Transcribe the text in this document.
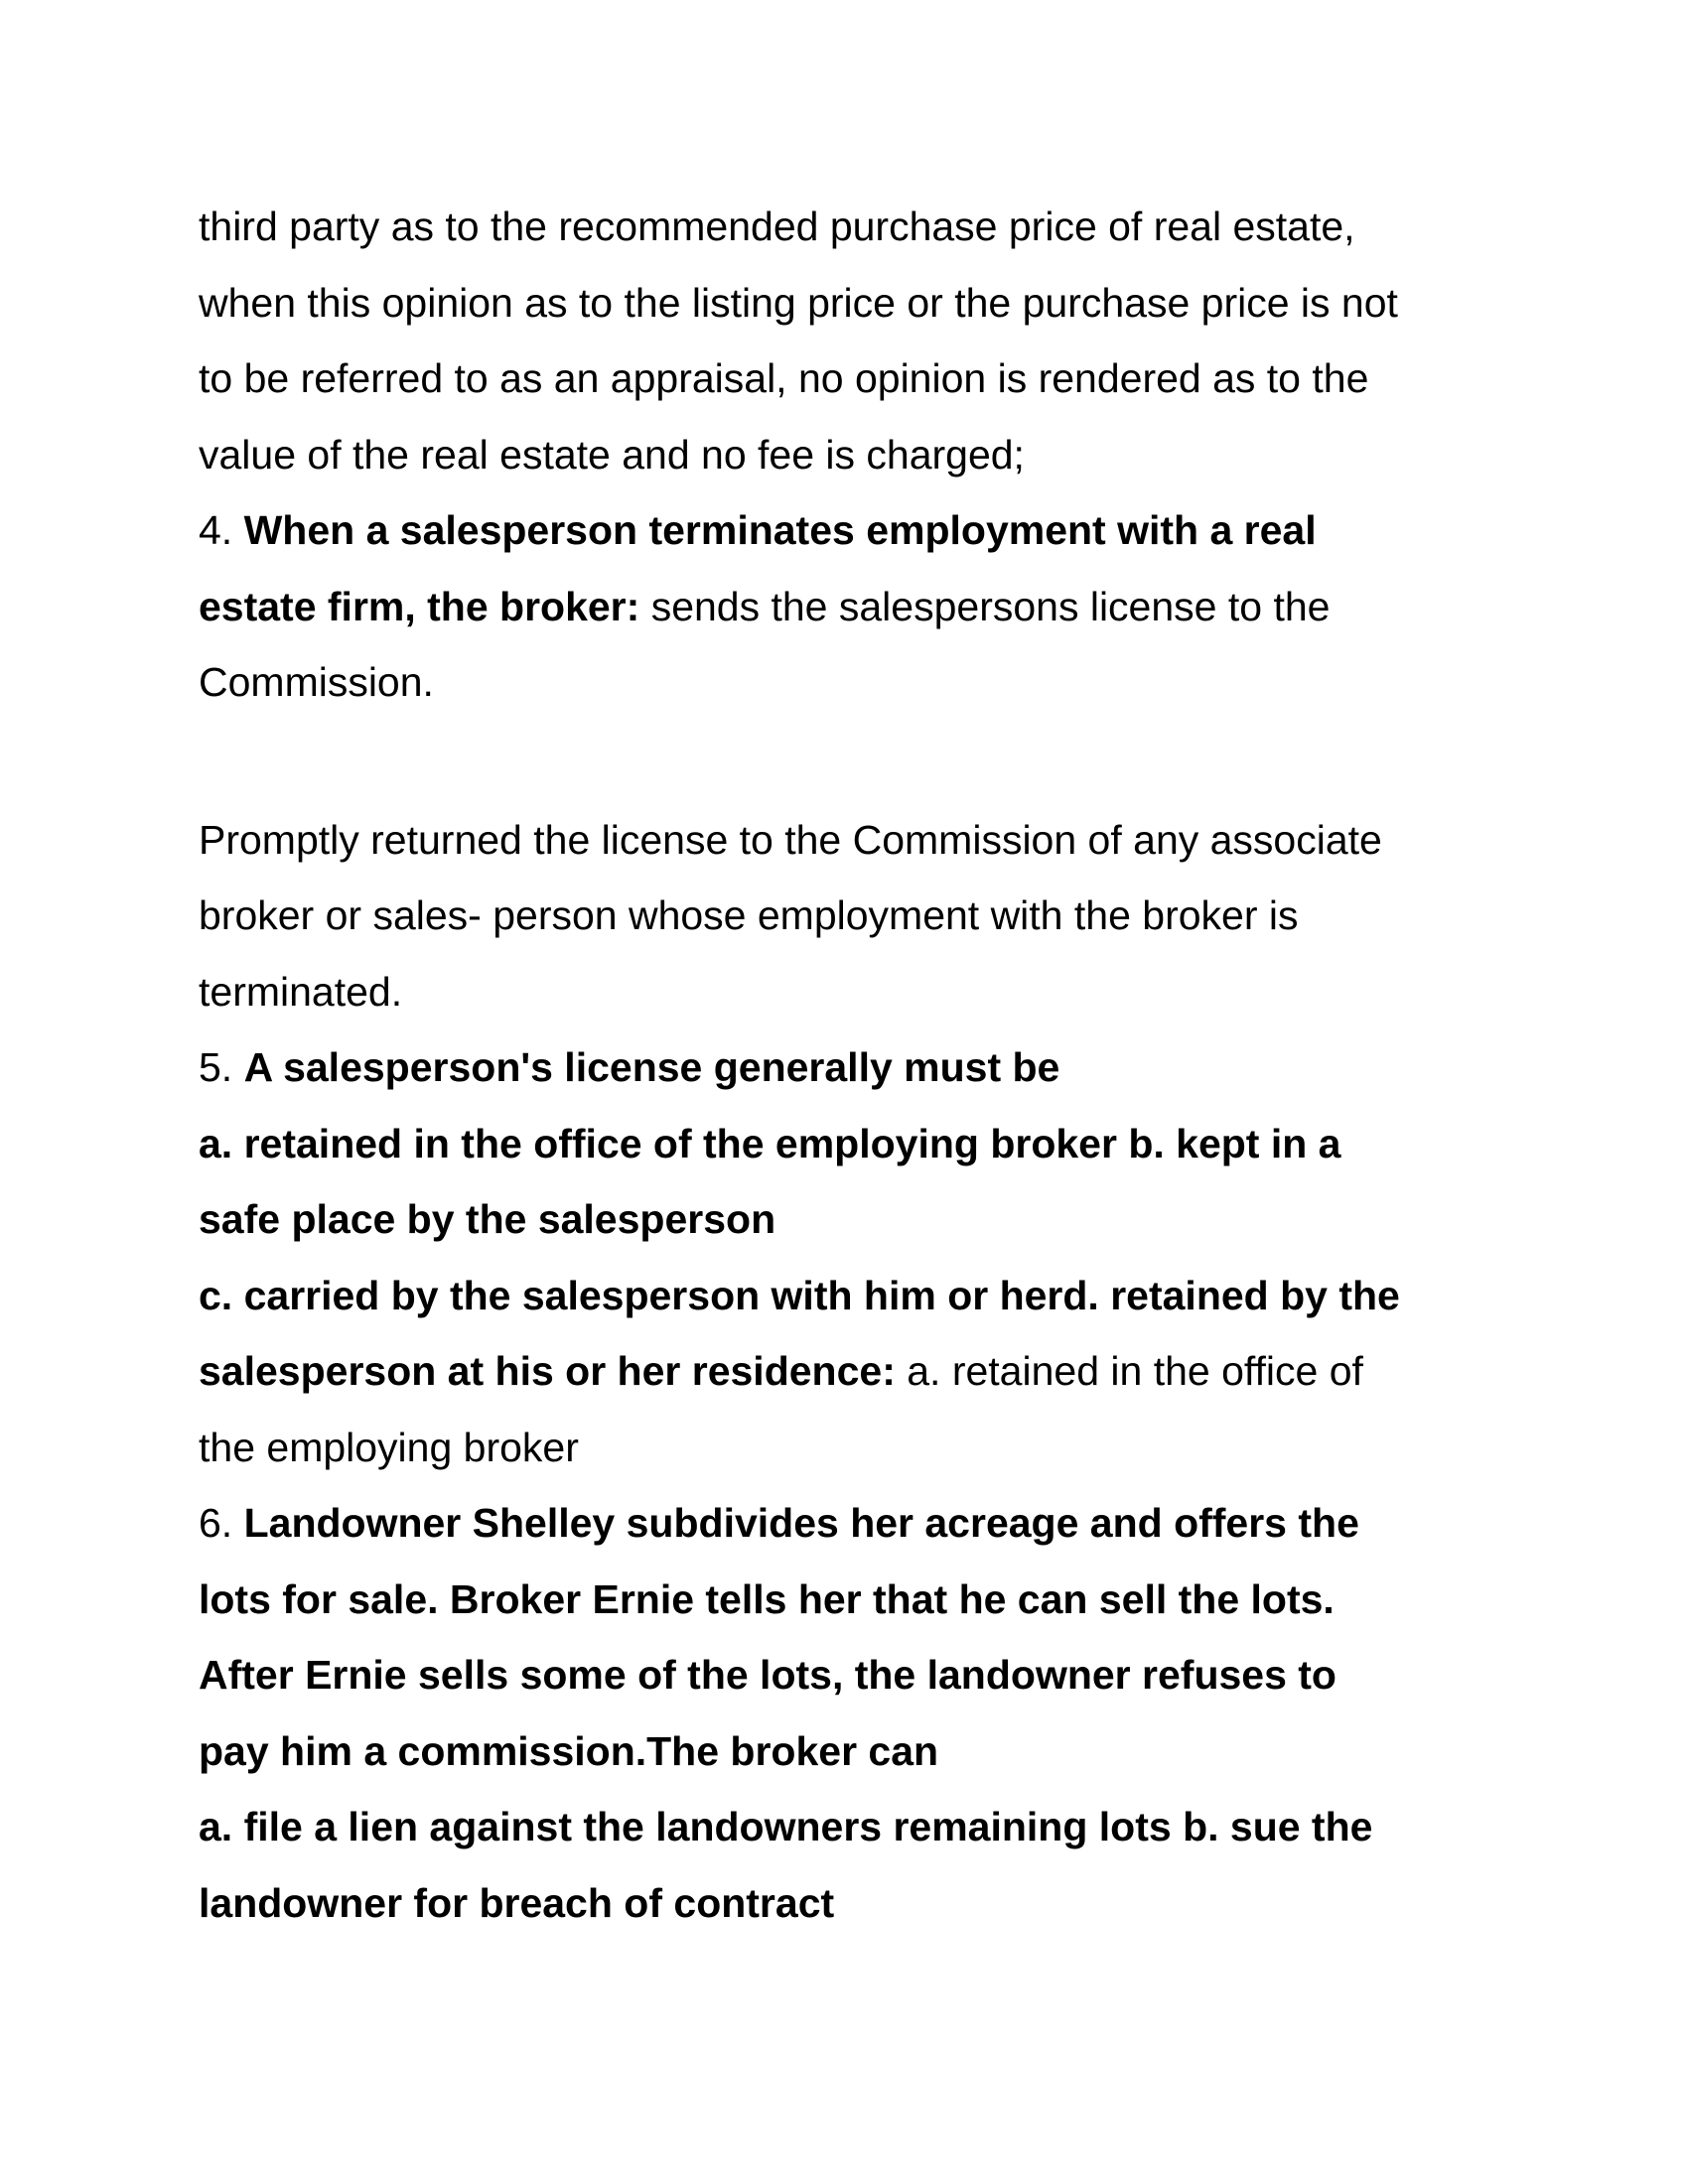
third party as to the recommended purchase price of real estate,
when this opinion as to the listing price or the purchase price is not
to be referred to as an appraisal, no opinion is rendered as to the
value of the real estate and no fee is charged;
4. When a salesperson terminates employment with a real
estate firm, the broker: sends the salespersons license to the
Commission.
Promptly returned the license to the Commission of any associate
broker or sales- person whose employment with the broker is
terminated.
5. A salesperson's license generally must be
a. retained in the office of the employing broker b. kept in a
safe place by the salesperson
c. carried by the salesperson with him or herd. retained by the
salesperson at his or her residence: a. retained in the office of
the employing broker
6. Landowner Shelley subdivides her acreage and offers the
lots for sale. Broker Ernie tells her that he can sell the lots.
After Ernie sells some of the lots, the landowner refuses to
pay him a commission.The broker can
a. file a lien against the landowners remaining lots b. sue the
landowner for breach of contract
